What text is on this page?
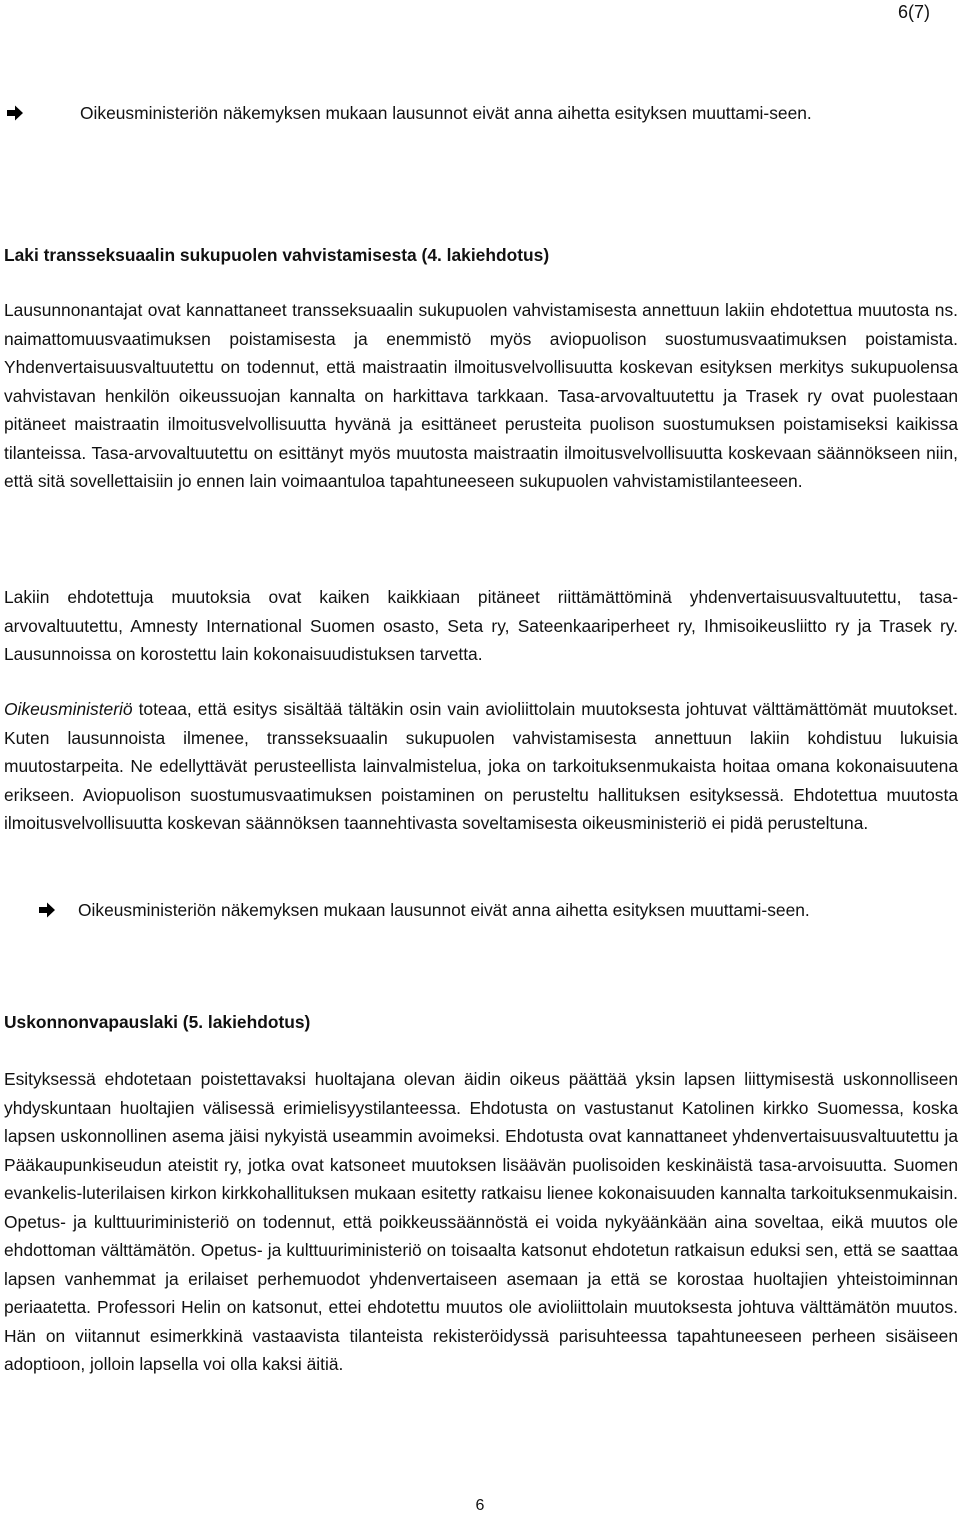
6(7)
Oikeusministeriön näkemyksen mukaan lausunnot eivät anna aihetta esityksen muuttami-seen.
Laki transseksuaalin sukupuolen vahvistamisesta (4. lakiehdotus)
Lausunnonantajat ovat kannattaneet transseksuaalin sukupuolen vahvistamisesta annettuun lakiin ehdotettua muutosta ns. naimattomuusvaatimuksen poistamisesta ja enemmistö myös aviopuolison suostumusvaatimuksen poistamista. Yhdenvertaisuusvaltuutettu on todennut, että maistraatin ilmoitusvelvollisuutta koskevan esityksen merkitys sukupuolensa vahvistavan henkilön oikeussuojan kannalta on harkittava tarkkaan. Tasa-arvovaltuutettu ja Trasek ry ovat puolestaan pitäneet maistraatin ilmoitusvelvollisuutta hyvänä ja esittäneet perusteita puolison suostumuksen poistamiseksi kaikissa tilanteissa. Tasa-arvovaltuutettu on esittänyt myös muutosta maistraatin ilmoitusvelvollisuutta koskevaan säännökseen niin, että sitä sovellettaisiin jo ennen lain voimaantuloa tapahtuneeseen sukupuolen vahvistamistilanteeseen.
Lakiin ehdotettuja muutoksia ovat kaiken kaikkiaan pitäneet riittämättöminä yhdenvertaisuusvaltuutettu, tasa-arvovaltuutettu, Amnesty International Suomen osasto, Seta ry, Sateenkaariperheet ry, Ihmisoikeusliitto ry ja Trasek ry. Lausunnoissa on korostettu lain kokonaisuudistuksen tarvetta.
Oikeusministeriö toteaa, että esitys sisältää tältäkin osin vain avioliittolain muutoksesta johtuvat välttämättömät muutokset. Kuten lausunnoista ilmenee, transseksuaalin sukupuolen vahvistamisesta annettuun lakiin kohdistuu lukuisia muutostarpeita. Ne edellyttävät perusteellista lainvalmistelua, joka on tarkoituksenmukaista hoitaa omana kokonaisuutena erikseen. Aviopuolison suostumusvaatimuksen poistaminen on perusteltu hallituksen esityksessä. Ehdotettua muutosta ilmoitusvelvollisuutta koskevan säännöksen taannehtivasta soveltamisesta oikeusministeriö ei pidä perusteltuna.
Oikeusministeriön näkemyksen mukaan lausunnot eivät anna aihetta esityksen muuttami-seen.
Uskonnonvapauslaki (5. lakiehdotus)
Esityksessä ehdotetaan poistettavaksi huoltajana olevan äidin oikeus päättää yksin lapsen liittymisestä uskonnolliseen yhdyskuntaan huoltajien välisessä erimielisyystilanteessa. Ehdotusta on vastustanut Katolinen kirkko Suomessa, koska lapsen uskonnollinen asema jäisi nykyistä useammin avoimeksi. Ehdotusta ovat kannattaneet yhdenvertaisuusvaltuutettu ja Pääkaupunkiseudun ateistit ry, jotka ovat katsoneet muutoksen lisäävän puolisoiden keskinäistä tasa-arvoisuutta. Suomen evankelis-luterilaisen kirkon kirkkohallituksen mukaan esitetty ratkaisu lienee kokonaisuuden kannalta tarkoituksenmukaisin. Opetus- ja kulttuuriministeriö on todennut, että poikkeussäännöstä ei voida nykyäänkään aina soveltaa, eikä muutos ole ehdottoman välttämätön. Opetus- ja kulttuuriministeriö on toisaalta katsonut ehdotetun ratkaisun eduksi sen, että se saattaa lapsen vanhemmat ja erilaiset perhemuodot yhdenvertaiseen asemaan ja että se korostaa huoltajien yhteistoiminnan periaatetta. Professori Helin on katsonut, ettei ehdotettu muutos ole avioliittolain muutoksesta johtuva välttämätön muutos. Hän on viitannut esimerkkinä vastaavista tilanteista rekisteröidyssä parisuhteessa tapahtuneeseen perheen sisäiseen adoptioon, jolloin lapsella voi olla kaksi äitiä.
6
